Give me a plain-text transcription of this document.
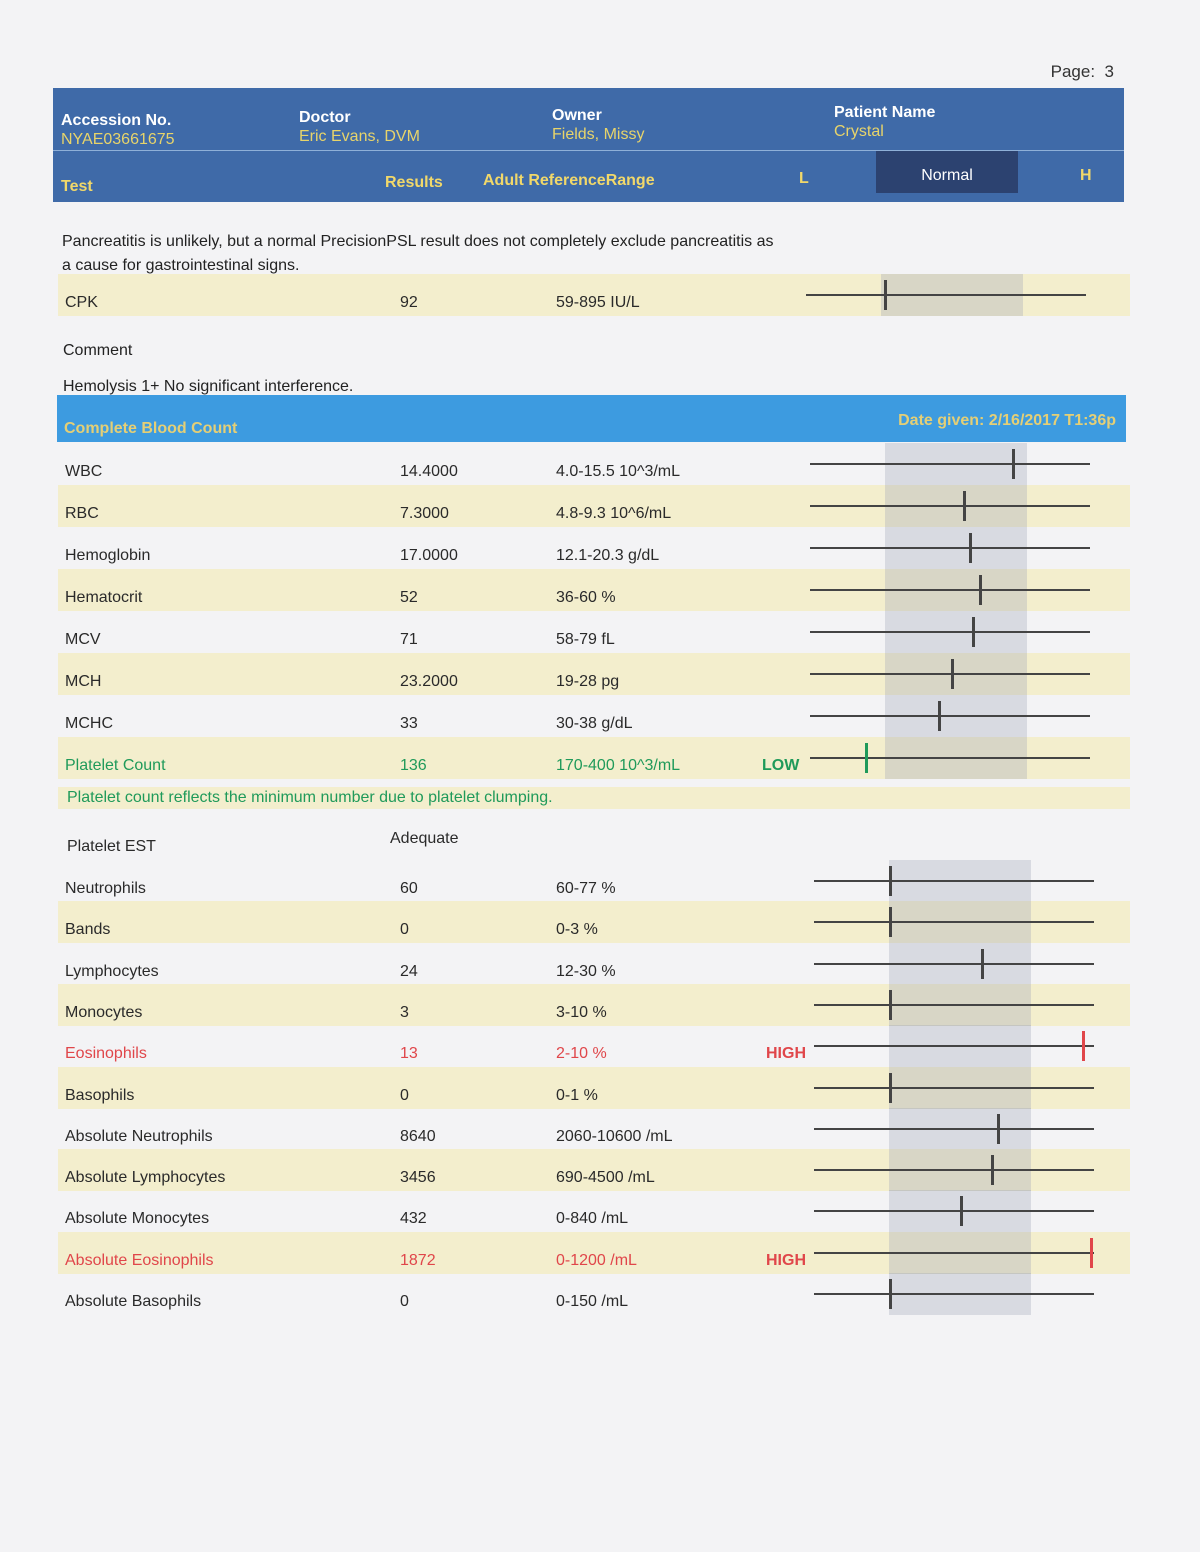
Page: 3
Accession No.
NYAE03661675
Doctor
Eric Evans, DVM
Owner
Fields, Missy
Patient Name
Crystal
Test	Results	Adult ReferenceRange	L	H
Normal
Pancreatitis is unlikely, but a normal PrecisionPSL result does not completely exclude pancreatitis as a cause for gastrointestinal signs.
CPK	92	59-895 IU/L
Comment
Hemolysis 1+ No significant interference.
Complete Blood Count	Date given: 2/16/2017 T1:36p
WBC	14.4000	4.0-15.5 10^3/mL
RBC	7.3000	4.8-9.3 10^6/mL
Hemoglobin	17.0000	12.1-20.3 g/dL
Hematocrit	52	36-60 %
MCV	71	58-79 fL
MCH	23.2000	19-28 pg
MCHC	33	30-38 g/dL
Platelet Count	136	170-400 10^3/mL	LOW
Platelet count reflects the minimum number due to platelet clumping.
Platelet EST	Adequate
Neutrophils	60	60-77 %
Bands	0	0-3 %
Lymphocytes	24	12-30 %
Monocytes	3	3-10 %
Eosinophils	13	2-10 %	HIGH
Basophils	0	0-1 %
Absolute Neutrophils	8640	2060-10600 /mL
Absolute Lymphocytes	3456	690-4500 /mL
Absolute Monocytes	432	0-840 /mL
Absolute Eosinophils	1872	0-1200 /mL	HIGH
Absolute Basophils	0	0-150 /mL
